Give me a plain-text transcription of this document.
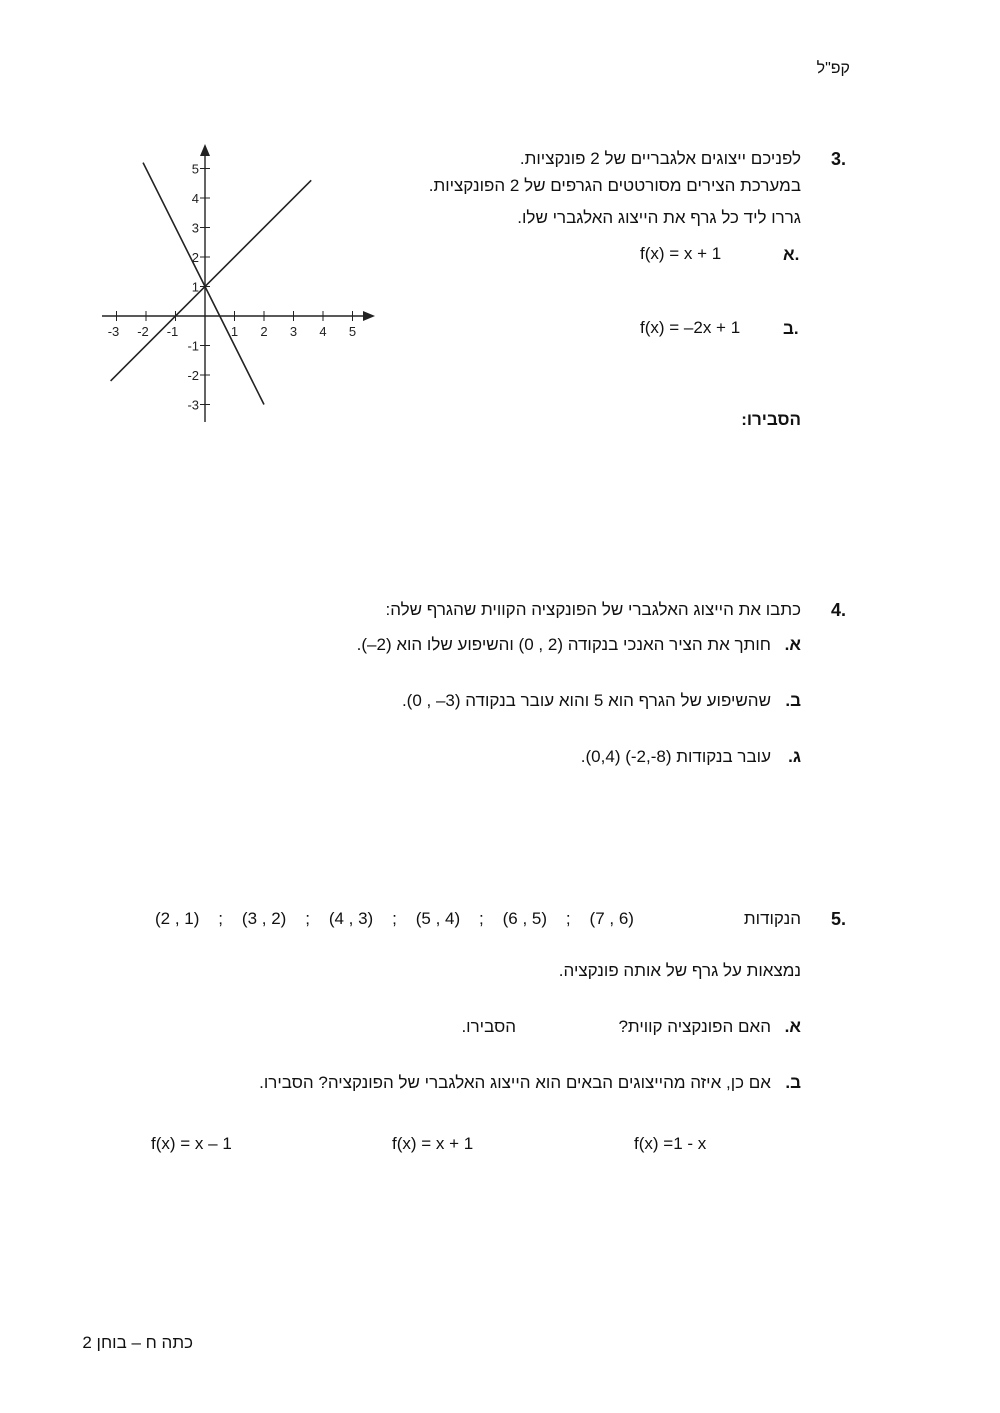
קפ"ל
3.
לפניכם ייצוגים אלגבריים של 2 פונקציות.
במערכת הצירים מסורטטים הגרפים של 2 הפונקציות.
גררו ליד כל גרף את הייצוג האלגברי שלו.
א.
f(x) = x + 1
ב.
f(x) = –2x + 1
הסבירו:
-3 -2 -1	1 2 3 4 5
5
4
3
2
1
-1
-2
-3
4.
כתבו את הייצוג האלגברי של הפונקציה הקווית שהגרף שלה:
א.
חותך את הציר האנכי בנקודה (2 , 0) והשיפוע שלו הוא (2–).
ב.
שהשיפוע של הגרף הוא 5 והוא עובר בנקודה (3– , 0).
ג.
עובר בנקודות (8-,2-) (0,4).
5.
הנקודות
(2 , 1)    ;    (3 , 2)    ;    (4 , 3)    ;    (5 , 4)    ;    (6 , 5)    ;    (7 , 6)
נמצאות על גרף של אותה פונקציה.
א.
האם הפונקציה קווית?
הסבירו.
ב.
אם כן, איזה מהייצוגים הבאים הוא הייצוג האלגברי של הפונקציה? הסבירו.
f(x) =1 - x
f(x) = x + 1
f(x) = x – 1
כתה ח – בוחן 2
